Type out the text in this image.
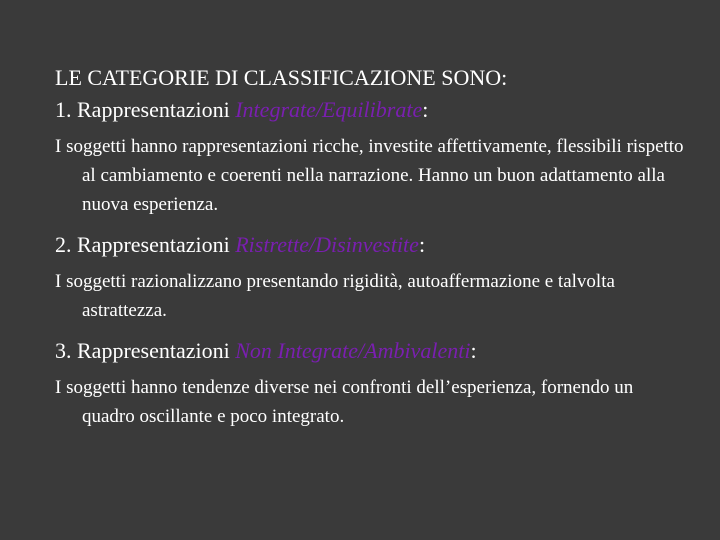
LE CATEGORIE DI CLASSIFICAZIONE SONO:

1. Rappresentazioni Integrate/Equilibrate:

I soggetti hanno rappresentazioni ricche, investite affettivamente, flessibili rispetto al cambiamento e coerenti nella narrazione. Hanno un buon adattamento alla nuova esperienza.

2. Rappresentazioni Ristrette/Disinvestite:

I soggetti razionalizzano presentando rigidità, autoaffermazione e talvolta astrattezza.

3. Rappresentazioni Non Integrate/Ambivalenti:

I soggetti hanno tendenze diverse nei confronti dell’esperienza, fornendo un quadro oscillante e poco integrato.
